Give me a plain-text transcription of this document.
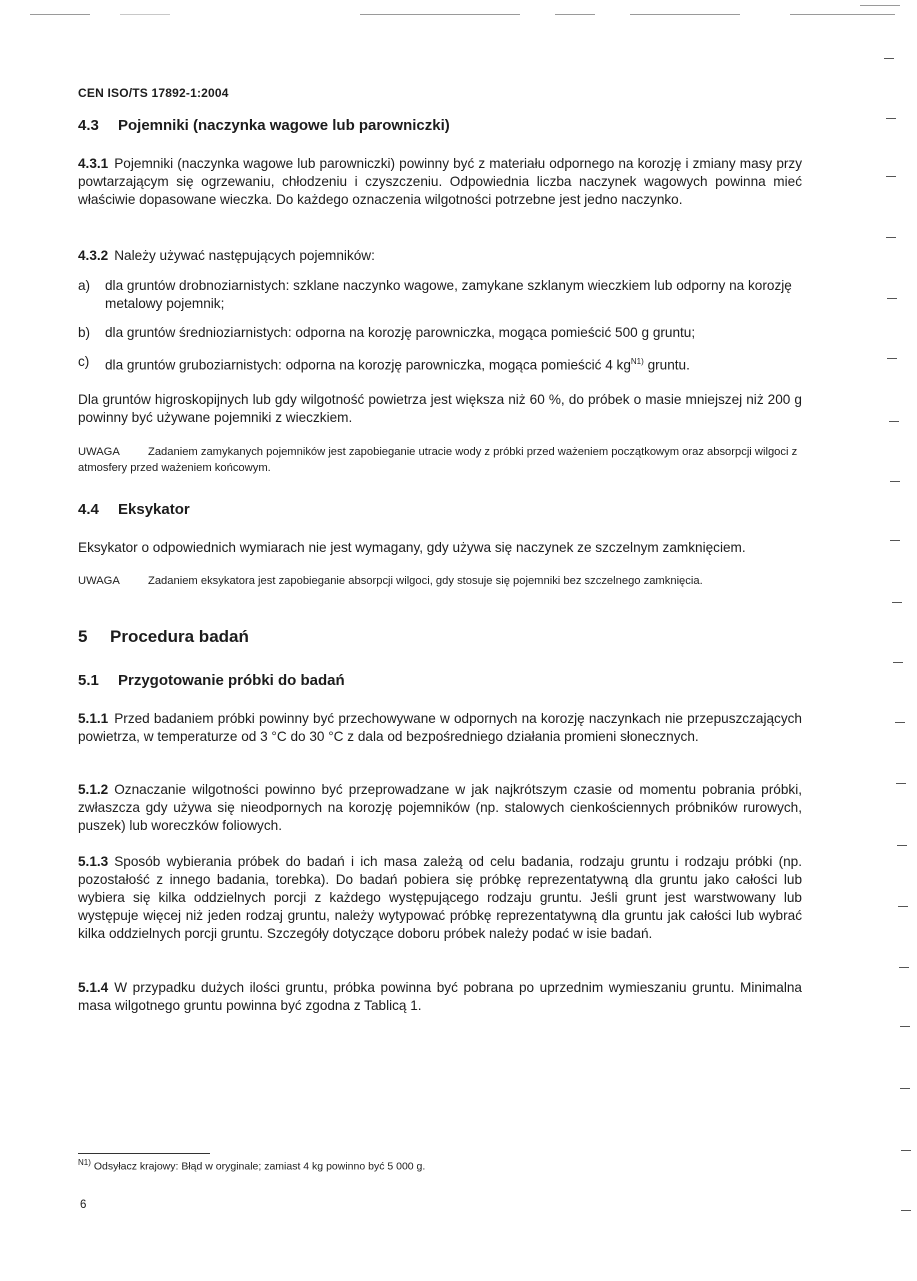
CEN ISO/TS 17892-1:2004
4.3 Pojemniki (naczynka wagowe lub parowniczki)
4.3.1 Pojemniki (naczynka wagowe lub parowniczki) powinny być z materiału odpornego na korozję i zmiany masy przy powtarzającym się ogrzewaniu, chłodzeniu i czyszczeniu. Odpowiednia liczba naczynek wagowych powinna mieć właściwie dopasowane wieczka. Do każdego oznaczenia wilgotności potrzebne jest jedno naczynko.
4.3.2 Należy używać następujących pojemników:
a) dla gruntów drobnoziarnistych: szklane naczynko wagowe, zamykane szklanym wieczkiem lub odporny na korozję metalowy pojemnik;
b) dla gruntów średnioziarnistych: odporna na korozję parowniczka, mogąca pomieścić 500 g gruntu;
c) dla gruntów gruboziarnistych: odporna na korozję parowniczka, mogąca pomieścić 4 $kg^{N1)}$ gruntu.
Dla gruntów higroskopijnych lub gdy wilgotność powietrza jest większa niż 60 %, do próbek o masie mniejszej niż 200 g powinny być używane pojemniki z wieczkiem.
UWAGA	Zadaniem zamykanych pojemników jest zapobieganie utracie wody z próbki przed ważeniem początkowym oraz absorpcji wilgoci z atmosfery przed ważeniem końcowym.
4.4 Eksykator
Eksykator o odpowiednich wymiarach nie jest wymagany, gdy używa się naczynek ze szczelnym zamknięciem.
UWAGA	Zadaniem eksykatora jest zapobieganie absorpcji wilgoci, gdy stosuje się pojemniki bez szczelnego zamknięcia.
5 Procedura badań
5.1 Przygotowanie próbki do badań
5.1.1 Przed badaniem próbki powinny być przechowywane w odpornych na korozję naczynkach nie przepuszczających powietrza, w temperaturze od 3 °C do 30 °C z dala od bezpośredniego działania promieni słonecznych.
5.1.2 Oznaczanie wilgotności powinno być przeprowadzane w jak najkrótszym czasie od momentu pobrania próbki, zwłaszcza gdy używa się nieodpornych na korozję pojemników (np. stalowych cienkościennych próbników rurowych, puszek) lub woreczków foliowych.
5.1.3 Sposób wybierania próbek do badań i ich masa zależą od celu badania, rodzaju gruntu i rodzaju próbki (np. pozostałość z innego badania, torebka). Do badań pobiera się próbkę reprezentatywną dla gruntu jako całości lub wybiera się kilka oddzielnych porcji z każdego występującego rodzaju gruntu. Jeśli grunt jest warstwowany lub występuje więcej niż jeden rodzaj gruntu, należy wytypować próbkę reprezentatywną dla gruntu jak całości lub wybrać kilka oddzielnych porcji gruntu. Szczegóły dotyczące doboru próbek należy podać w isie badań.
5.1.4 W przypadku dużych ilości gruntu, próbka powinna być pobrana po uprzednim wymieszaniu gruntu. Minimalna masa wilgotnego gruntu powinna być zgodna z Tablicą 1.
$^{N1)}$ Odsyłacz krajowy: Błąd w oryginale; zamiast 4 kg powinno być 5 000 g.
6
